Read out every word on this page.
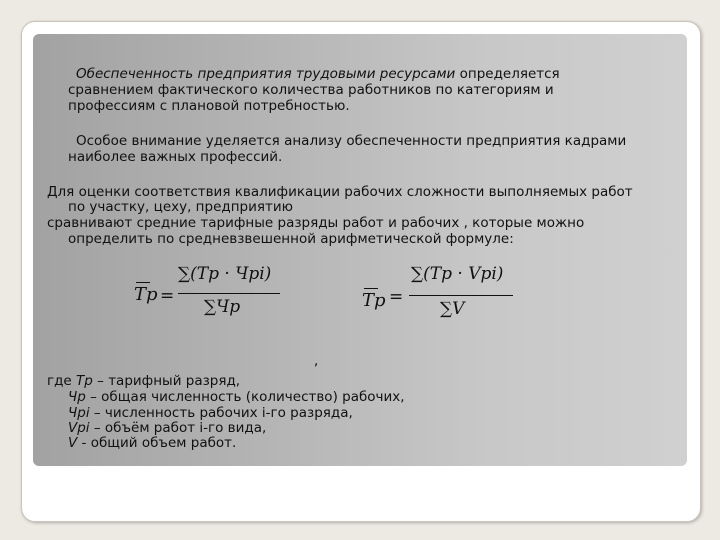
Обеспеченность предприятия трудовыми ресурсами определяется
сравнением фактического количества работников по категориям и
профессиям с плановой потребностью.
Особое внимание уделяется анализу обеспеченности предприятия кадрами
наиболее важных профессий.
Для оценки соответствия квалификации рабочих сложности выполняемых работ
по участку, цеху, предприятию
сравнивают средние тарифные разряды работ и рабочих , которые можно
определить по средневзвешенной арифметической формуле:
Tр =
∑(Tр · Чрi)
∑Чр	Tр =
∑(Tр · Vрi)
∑V
,
где Тр – тарифный разряд,
Чр – общая численность (количество) рабочих,
Чрi – численность рабочих i-го разряда,
Vрi – объём работ i-го вида,
V - общий объем работ.
